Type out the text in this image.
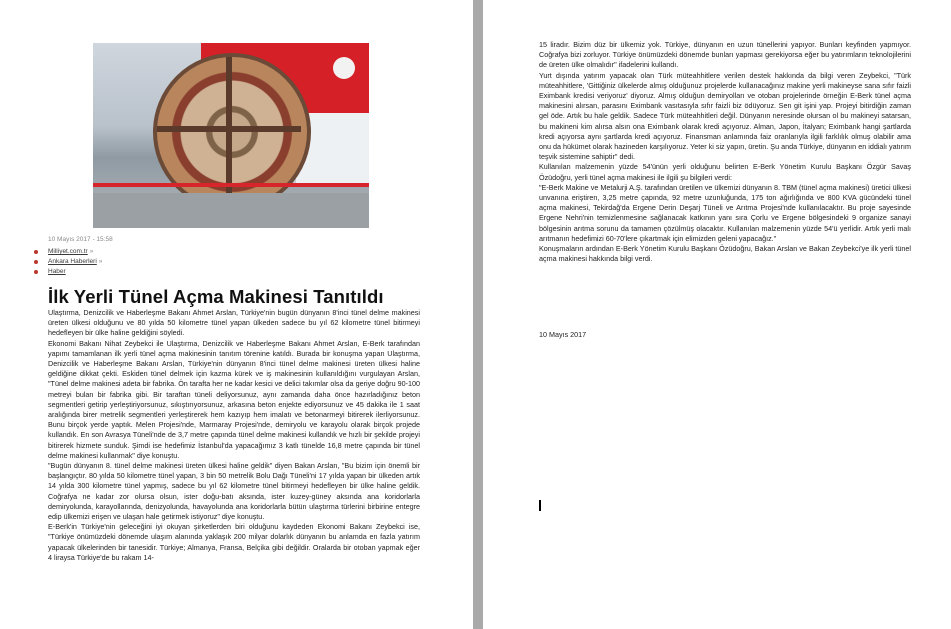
10 Mayıs 2017 - 15:58
Milliyet.com.tr »
Ankara Haberleri »
Haber
İlk Yerli Tünel Açma Makinesi Tanıtıldı

Ulaştırma, Denizcilik ve Haberleşme Bakanı Ahmet Arslan, Türkiye'nin bugün dünyanın 8'inci tünel delme makinesi üreten ülkesi olduğunu ve 80 yılda 50 kilometre tünel yapan ülkeden sadece bu yıl 62 kilometre tünel bitirmeyi hedefleyen bir ülke haline geldiğini söyledi.

Ekonomi Bakanı Nihat Zeybekci ile Ulaştırma, Denizcilik ve Haberleşme Bakanı Ahmet Arslan, E-Berk tarafından yapımı tamamlanan ilk yerli tünel açma makinesinin tanıtım törenine katıldı. Burada bir konuşma yapan Ulaştırma, Denizcilik ve Haberleşme Bakanı Arslan, Türkiye'nin dünyanın 8'inci tünel delme makinesi üreten ülkesi haline geldiğine dikkat çekti. Eskiden tünel delmek için kazma kürek ve iş makinesinin kullanıldığını vurgulayan Arslan, "Tünel delme makinesi adeta bir fabrika. Ön tarafta her ne kadar kesici ve delici takımlar olsa da geriye doğru 90-100 metreyi bulan bir fabrika gibi. Bir taraftan tüneli deliyorsunuz, aynı zamanda daha önce hazırladığınız beton segmentleri getirip yerleştiriyorsunuz, sıkıştırıyorsunuz, arkasına beton enjekte ediyorsunuz ve 45 dakika ile 1 saat aralığında birer metrelik segmentleri yerleştirerek hem kazıyıp hem imalatı ve betonarmeyi bitirerek ilerliyorsunuz. Bunu birçok yerde yaptık. Melen Projesi'nde, Marmaray Projesi'nde, demiryolu ve karayolu olarak birçok projede kullandık. En son Avrasya Tüneli'nde de 3,7 metre çapında tünel delme makinesi kullandık ve hızlı bir şekilde projeyi bitirerek hizmete sunduk. Şimdi ise hedefimiz İstanbul'da yapacağımız 3 katlı tünelde 16,8 metre çapında bir tünel delme makinesi kullanmak" diye konuştu.

"Bugün dünyanın 8. tünel delme makinesi üreten ülkesi haline geldik" diyen Bakan Arslan, "Bu bizim için önemli bir başlangıçtır. 80 yılda 50 kilometre tünel yapan, 3 bin 50 metrelik Bolu Dağı Tüneli'ni 17 yılda yapan bir ülkeden artık 14 yılda 300 kilometre tünel yapmış, sadece bu yıl 62 kilometre tünel bitirmeyi hedefleyen bir ülke haline geldik. Coğrafya ne kadar zor olursa olsun, ister doğu-batı aksında, ister kuzey-güney aksında ana koridorlarla demiryolunda, karayollarında, denizyolunda, havayolunda ana koridorlarla bütün ulaştırma türlerini birbirine entegre edip ülkemizi erişen ve ulaşan hale getirmek istiyoruz" diye konuştu.

E-Berk'in Türkiye'nin geleceğini iyi okuyan şirketlerden biri olduğunu kaydeden Ekonomi Bakanı Zeybekci ise, "Türkiye önümüzdeki dönemde ulaşım alanında yaklaşık 200 milyar dolarlık dünyanın bu anlamda en fazla yatırım yapacak ülkelerinden bir tanesidir. Türkiye; Almanya, Fransa, Belçika gibi değildir. Oralarda bir otoban yapmak eğer 4 liraysa Türkiye'de bu rakam 14-

15 liradır. Bizim düz bir ülkemiz yok. Türkiye, dünyanın en uzun tünellerini yapıyor. Bunları keyfinden yapmıyor. Coğrafya bizi zorluyor. Türkiye önümüzdeki dönemde bunları yapması gerekiyorsa eğer bu yatırımların teknolojilerini de üreten ülke olmalıdır" ifadelerini kullandı.

Yurt dışında yatırım yapacak olan Türk müteahhitlere verilen destek hakkında da bilgi veren Zeybekci, "Türk müteahhitlere, 'Gittiğiniz ülkelerde almış olduğunuz projelerde kullanacağınız makine yerli makineyse sana sıfır faizli Eximbank kredisi veriyoruz' diyoruz. Almış olduğun demiryolları ve otoban projelerinde örneğin E-Berk tünel açma makinesini alırsan, parasını Eximbank vasıtasıyla sıfır faizli biz ödüyoruz. Sen git işini yap. Projeyi bitirdiğin zaman gel öde. Artık bu hale geldik. Sadece Türk müteahhitleri değil. Dünyanın neresinde olursan ol bu makineyi satarsan, bu makineni kim alırsa alsın ona Eximbank olarak kredi açıyoruz. Alman, Japon, İtalyan; Eximbank hangi şartlarda kredi açıyorsa aynı şartlarda kredi açıyoruz. Finansman anlamında faiz oranlarıyla ilgili farklılık olmuş olabilir ama onu da hükümet olarak hazineden karşılıyoruz. Yeter ki siz yapın, üretin. Şu anda Türkiye, dünyanın en iddialı yatırım teşvik sistemine sahiptir" dedi.

Kullanılan malzemenin yüzde 54'ünün yerli olduğunu belirten E-Berk Yönetim Kurulu Başkanı Özgür Savaş Özüdoğru, yerli tünel açma makinesi ile ilgili şu bilgileri verdi:

"E-Berk Makine ve Metalurji A.Ş. tarafından üretilen ve ülkemizi dünyanın 8. TBM (tünel açma makinesi) üretici ülkesi unvanına eriştiren, 3,25 metre çapında, 92 metre uzunluğunda, 175 ton ağırlığında ve 800 KVA gücündeki tünel açma makinesi, Tekirdağ'da Ergene Derin Deşarj Tüneli ve Arıtma Projesi'nde kullanılacaktır. Bu proje sayesinde Ergene Nehri'nin temizlenmesine sağlanacak katkının yanı sıra Çorlu ve Ergene bölgesindeki 9 organize sanayi bölgesinin arıtma sorunu da tamamen çözülmüş olacaktır. Kullanılan malzemenin yüzde 54'ü yerlidir. Artık yerli malı arıtmanın hedefimizi 60-70'lere çıkartmak için elimizden geleni yapacağız."

Konuşmaların ardından E-Berk Yönetim Kurulu Başkanı Özüdoğru, Bakan Arslan ve Bakan Zeybekci'ye ilk yerli tünel açma makinesi hakkında bilgi verdi.

10 Mayıs 2017
